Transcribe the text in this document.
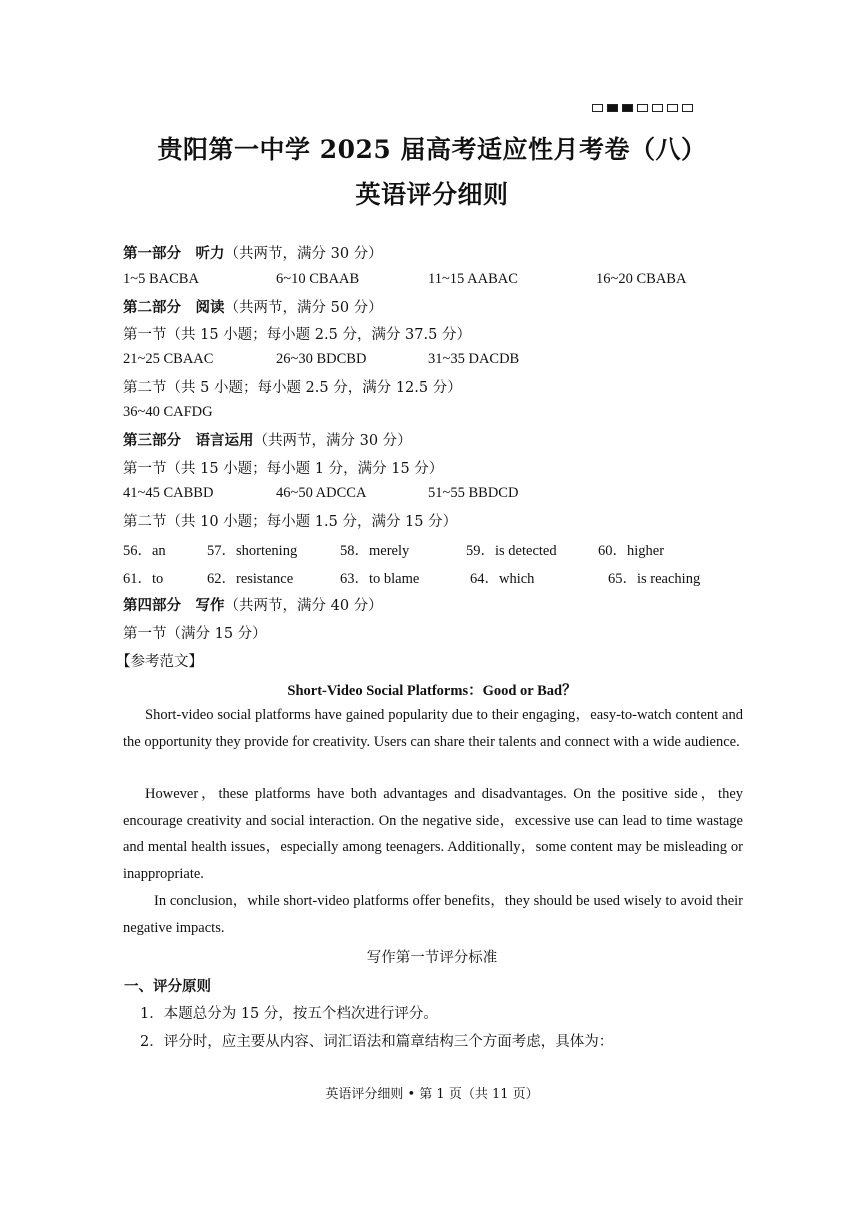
贵阳第一中学 2025 届高考适应性月考卷（八）
英语评分细则
第一部分　听力（共两节，满分 30 分）
1~5 BACBA	6~10 CBAAB	11~15 AABAC	16~20 CBABA
第二部分　阅读（共两节，满分 50 分）
第一节（共 15 小题；每小题 2.5 分，满分 37.5 分）
21~25 CBAAC	26~30 BDCBD	31~35 DACDB
第二节（共 5 小题；每小题 2.5 分，满分 12.5 分）
36~40 CAFDG
第三部分　语言运用（共两节，满分 30 分）
第一节（共 15 小题；每小题 1 分，满分 15 分）
41~45 CABBD	46~50 ADCCA	51~55 BBDCD
第二节（共 10 小题；每小题 1.5 分，满分 15 分）
56．an	57．shortening	58．merely	59．is detected	60．higher
61．to	62．resistance	63．to blame	64．which	65．is reaching
第四部分　写作（共两节，满分 40 分）
第一节（满分 15 分）
【参考范文】
Short-Video Social Platforms：Good or Bad？
Short-video social platforms have gained popularity due to their engaging，easy-to-watch content and the opportunity they provide for creativity. Users can share their talents and connect with a wide audience.
However，these platforms have both advantages and disadvantages. On the positive side，they encourage creativity and social interaction. On the negative side，excessive use can lead to time wastage and mental health issues，especially among teenagers. Additionally，some content may be misleading or inappropriate.
In conclusion，while short-video platforms offer benefits，they should be used wisely to avoid their negative impacts.
写作第一节评分标准
一、评分原则
1．本题总分为 15 分，按五个档次进行评分。
2．评分时，应主要从内容、词汇语法和篇章结构三个方面考虑，具体为：
英语评分细则 • 第 1 页（共 11 页）
